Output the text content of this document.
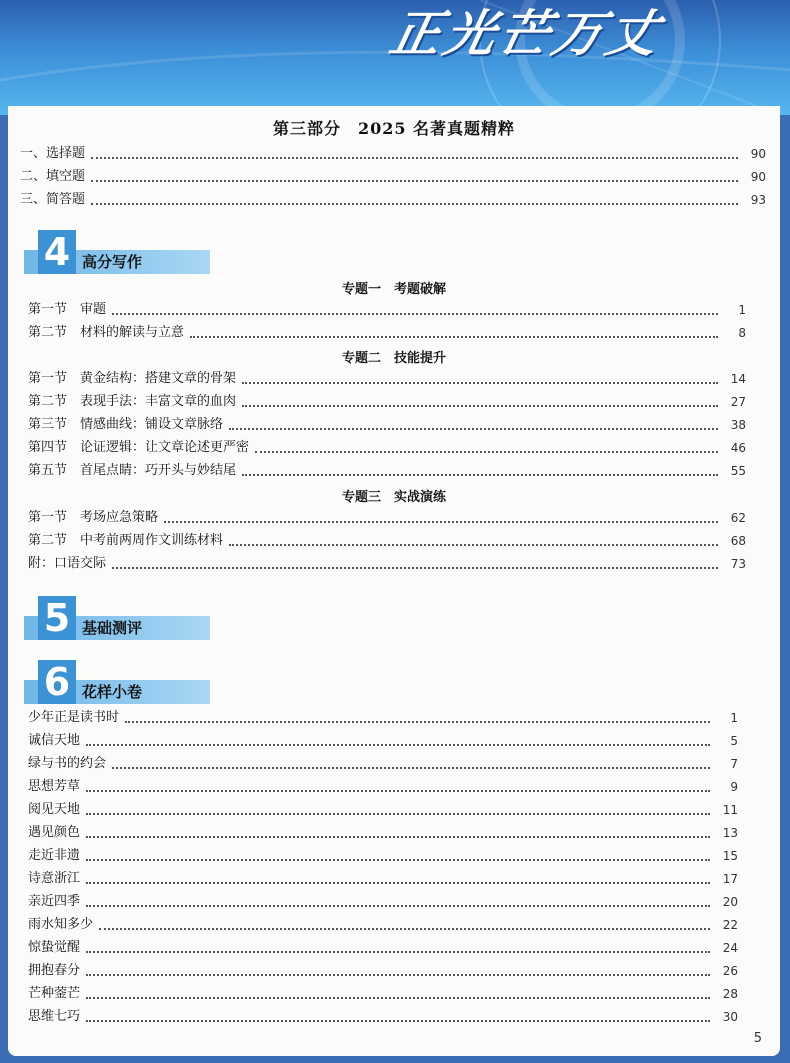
正光芒万丈
第三部分　2025 名著真题精粹
一、选择题	90
二、填空题	90
三、简答题	93
4 高分写作
专题一　考题破解
第一节　审题	1
第二节　材料的解读与立意	8
专题二　技能提升
第一节　黄金结构：搭建文章的骨架	14
第二节　表现手法：丰富文章的血肉	27
第三节　情感曲线：铺设文章脉络	38
第四节　论证逻辑：让文章论述更严密	46
第五节　首尾点睛：巧开头与妙结尾	55
专题三　实战演练
第一节　考场应急策略	62
第二节　中考前两周作文训练材料	68
附：口语交际	73
5 基础测评
6 花样小卷
少年正是读书时	1
诚信天地	5
绿与书的约会	7
思想芳草	9
阅见天地	11
遇见颜色	13
走近非遗	15
诗意浙江	17
亲近四季	20
雨水知多少	22
惊蛰觉醒	24
拥抱春分	26
芒种蓥芒	28
思维七巧	30
5
